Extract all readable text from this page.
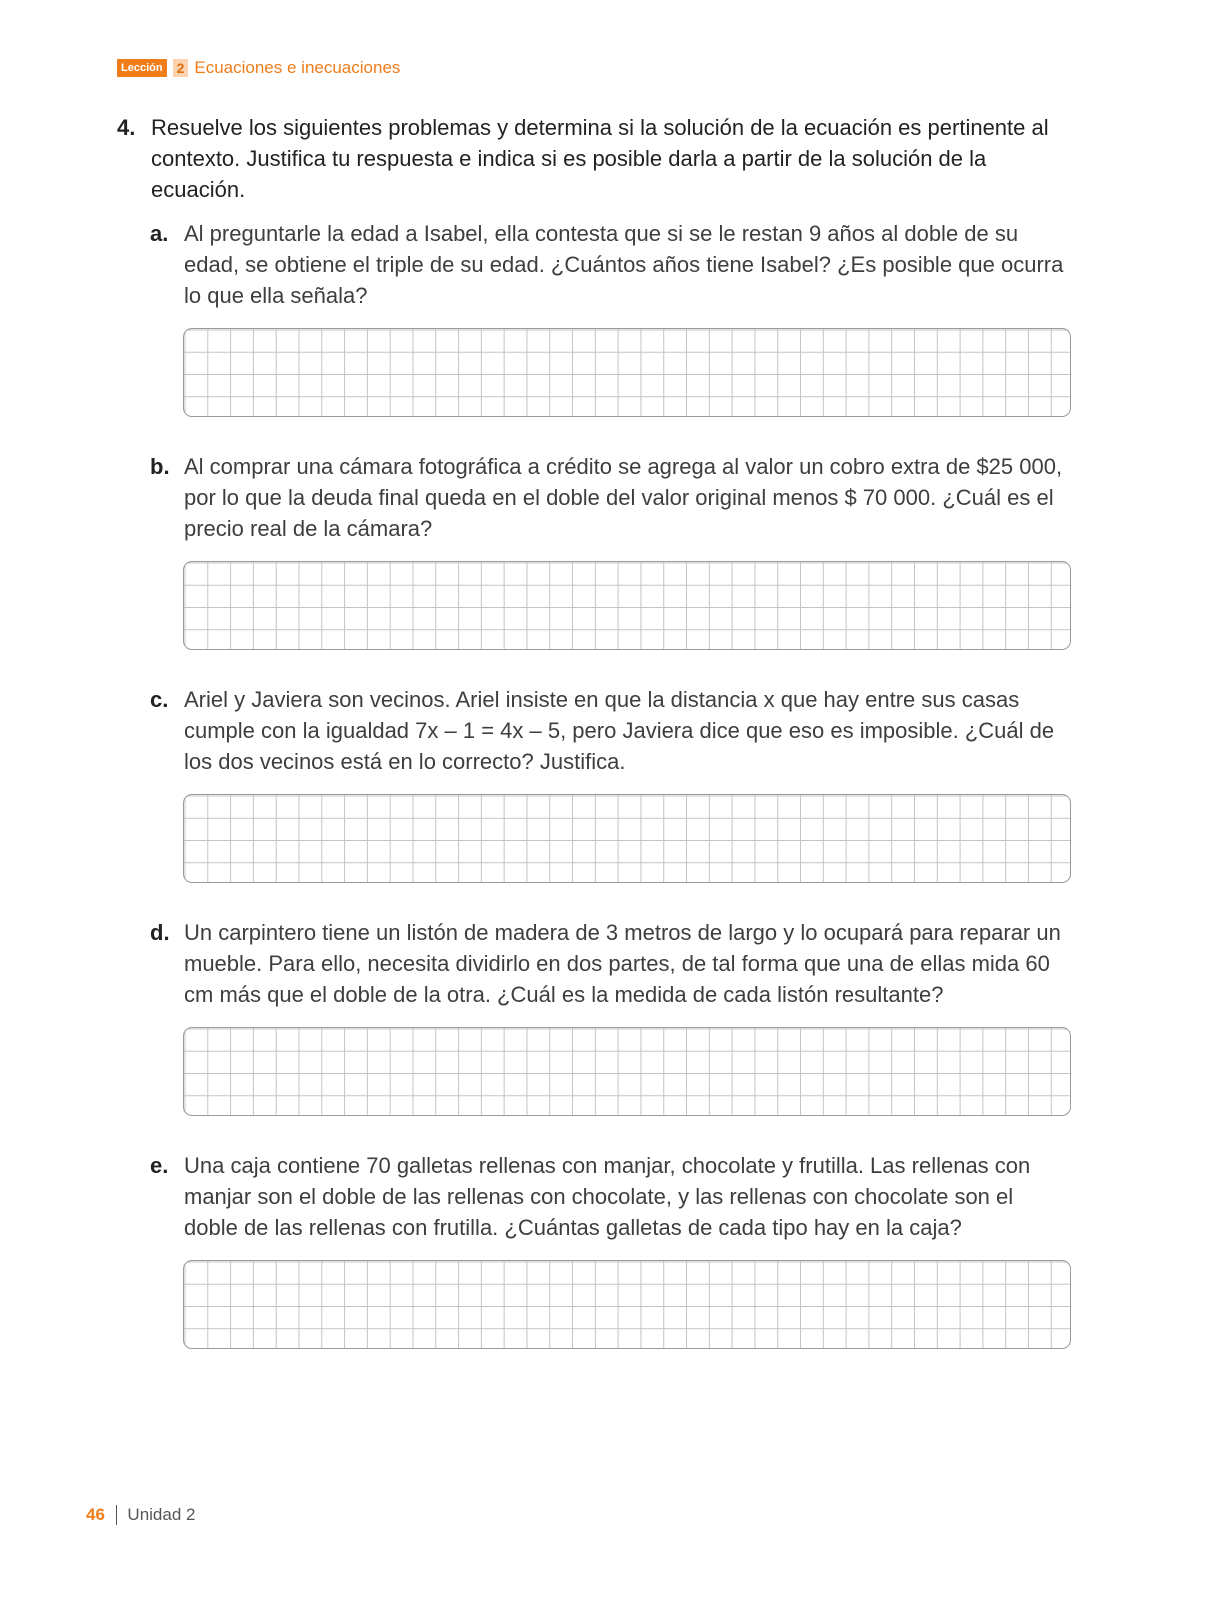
Lección 2 Ecuaciones e inecuaciones
4. Resuelve los siguientes problemas y determina si la solución de la ecuación es pertinente al contexto. Justifica tu respuesta e indica si es posible darla a partir de la solución de la ecuación.
a. Al preguntarle la edad a Isabel, ella contesta que si se le restan 9 años al doble de su edad, se obtiene el triple de su edad. ¿Cuántos años tiene Isabel? ¿Es posible que ocurra lo que ella señala?
b. Al comprar una cámara fotográfica a crédito se agrega al valor un cobro extra de $25 000, por lo que la deuda final queda en el doble del valor original menos $ 70 000. ¿Cuál es el precio real de la cámara?
c. Ariel y Javiera son vecinos. Ariel insiste en que la distancia x que hay entre sus casas cumple con la igualdad 7x – 1 = 4x – 5, pero Javiera dice que eso es imposible. ¿Cuál de los dos vecinos está en lo correcto? Justifica.
d. Un carpintero tiene un listón de madera de 3 metros de largo y lo ocupará para reparar un mueble. Para ello, necesita dividirlo en dos partes, de tal forma que una de ellas mida 60 cm más que el doble de la otra. ¿Cuál es la medida de cada listón resultante?
e. Una caja contiene 70 galletas rellenas con manjar, chocolate y frutilla. Las rellenas con manjar son el doble de las rellenas con chocolate, y las rellenas con chocolate son el doble de las rellenas con frutilla. ¿Cuántas galletas de cada tipo hay en la caja?
46 Unidad 2
